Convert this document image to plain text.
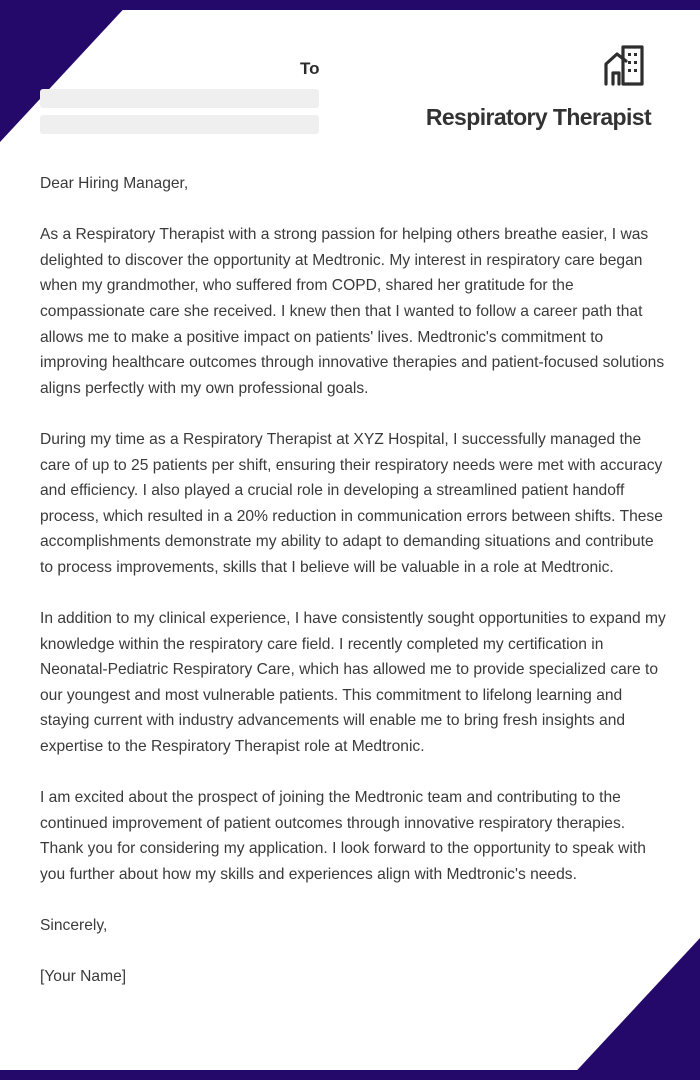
To
Respiratory Therapist

Dear Hiring Manager,

As a Respiratory Therapist with a strong passion for helping others breathe easier, I was delighted to discover the opportunity at Medtronic. My interest in respiratory care began when my grandmother, who suffered from COPD, shared her gratitude for the compassionate care she received. I knew then that I wanted to follow a career path that allows me to make a positive impact on patients' lives. Medtronic's commitment to improving healthcare outcomes through innovative therapies and patient-focused solutions aligns perfectly with my own professional goals.

During my time as a Respiratory Therapist at XYZ Hospital, I successfully managed the care of up to 25 patients per shift, ensuring their respiratory needs were met with accuracy and efficiency. I also played a crucial role in developing a streamlined patient handoff process, which resulted in a 20% reduction in communication errors between shifts. These accomplishments demonstrate my ability to adapt to demanding situations and contribute to process improvements, skills that I believe will be valuable in a role at Medtronic.

In addition to my clinical experience, I have consistently sought opportunities to expand my knowledge within the respiratory care field. I recently completed my certification in Neonatal-Pediatric Respiratory Care, which has allowed me to provide specialized care to our youngest and most vulnerable patients. This commitment to lifelong learning and staying current with industry advancements will enable me to bring fresh insights and expertise to the Respiratory Therapist role at Medtronic.

I am excited about the prospect of joining the Medtronic team and contributing to the continued improvement of patient outcomes through innovative respiratory therapies. Thank you for considering my application. I look forward to the opportunity to speak with you further about how my skills and experiences align with Medtronic's needs.

Sincerely,

[Your Name]
